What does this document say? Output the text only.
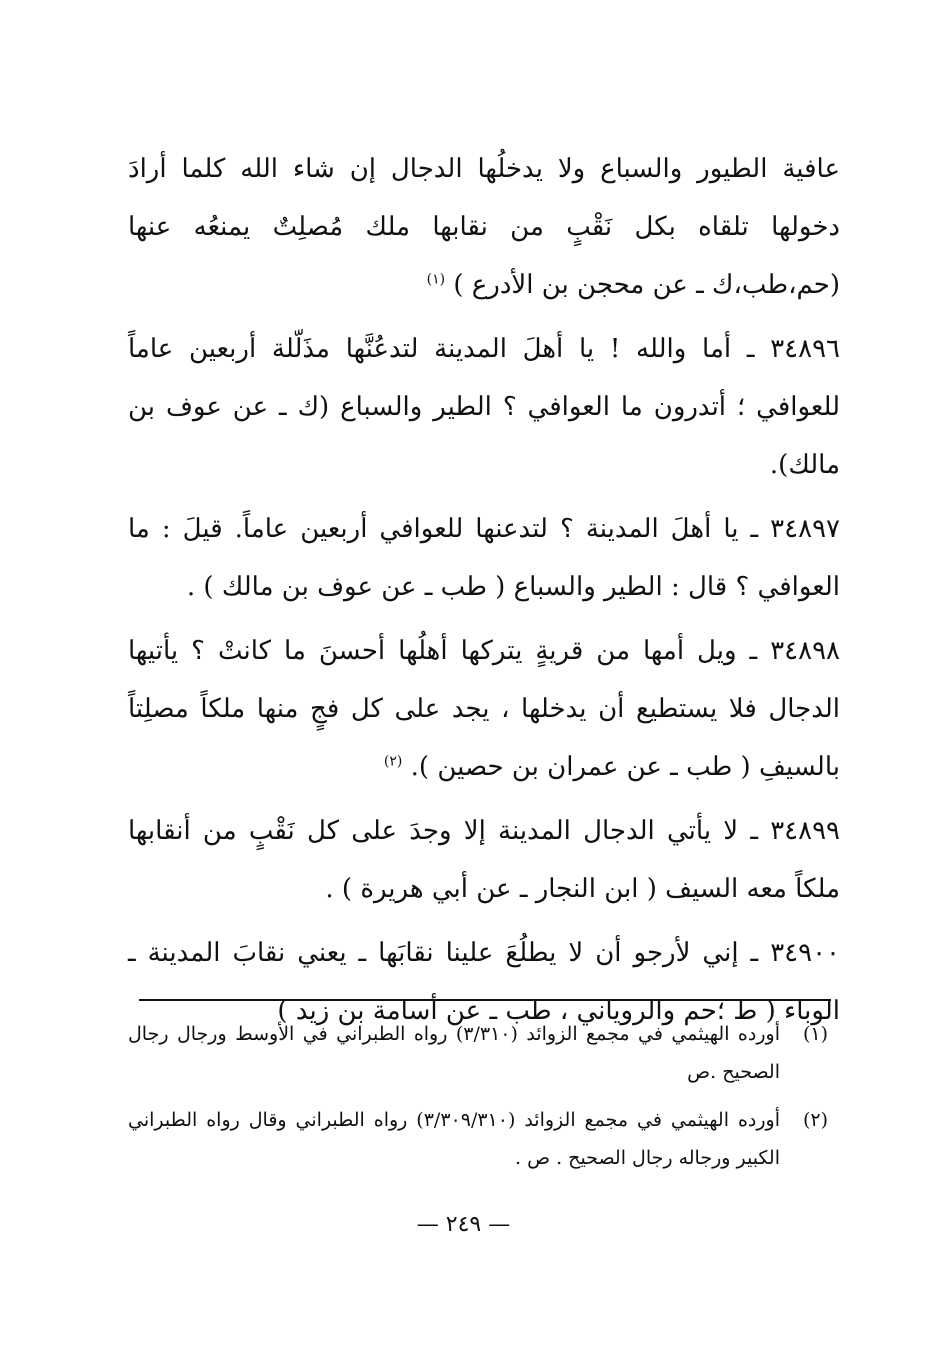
عافية الطيور والسباع ولا يدخلُها الدجال إن شاء الله كلما أرادَ دخولها تلقاه بكل نَقْبٍ من نقابها ملك مُصلِتٌ يمنعُه عنها (حم،طب،ك ـ عن محجن بن الأدرع ) $^{(١)}$

٣٤٨٩٦ ـ أما والله ! يا أهلَ المدينة لتدعُنَّها مذَلّلة أربعين عاماً للعوافي ؛ أتدرون ما العوافي ؟ الطير والسباع (ك ـ عن عوف بن مالك).

٣٤٨٩٧ ـ يا أهلَ المدينة ؟ لتدعنها للعوافي أربعين عاماً. قيلَ : ما العوافي ؟ قال : الطير والسباع ( طب ـ عن عوف بن مالك ) .

٣٤٨٩٨ ـ ويل أمها من قريةٍ يتركها أهلُها أحسنَ ما كانتْ ؟ يأتيها الدجال فلا يستطيع أن يدخلها ، يجد على كل فجٍ منها ملكاً مصلِتاً بالسيفِ ( طب ـ عن عمران بن حصين ). $^{(٢)}$

٣٤٨٩٩ ـ لا يأتي الدجال المدينة إلا وجدَ على كل نَقْبٍ من أنقابها ملكاً معه السيف ( ابن النجار ـ عن أبي هريرة ) .

٣٤٩٠٠ ـ إني لأرجو أن لا يطلُعَ علينا نقابَها ـ يعني نقابَ المدينة ـ الوباء ( ط ؛حم والروياني ، طب ـ عن أسامة بن زيد )

(١)
أورده الهيثمي في مجمع الزوائد (٣/٣١٠) رواه الطبراني في الأوسط ورجال رجال الصحيح .ص
(٢)
أورده الهيثمي في مجمع الزوائد (٣/٣٠٩/٣١٠) رواه الطبراني وقال رواه الطبراني الكبير ورجاله رجال الصحيح . ص .
— ٢٤٩ —
